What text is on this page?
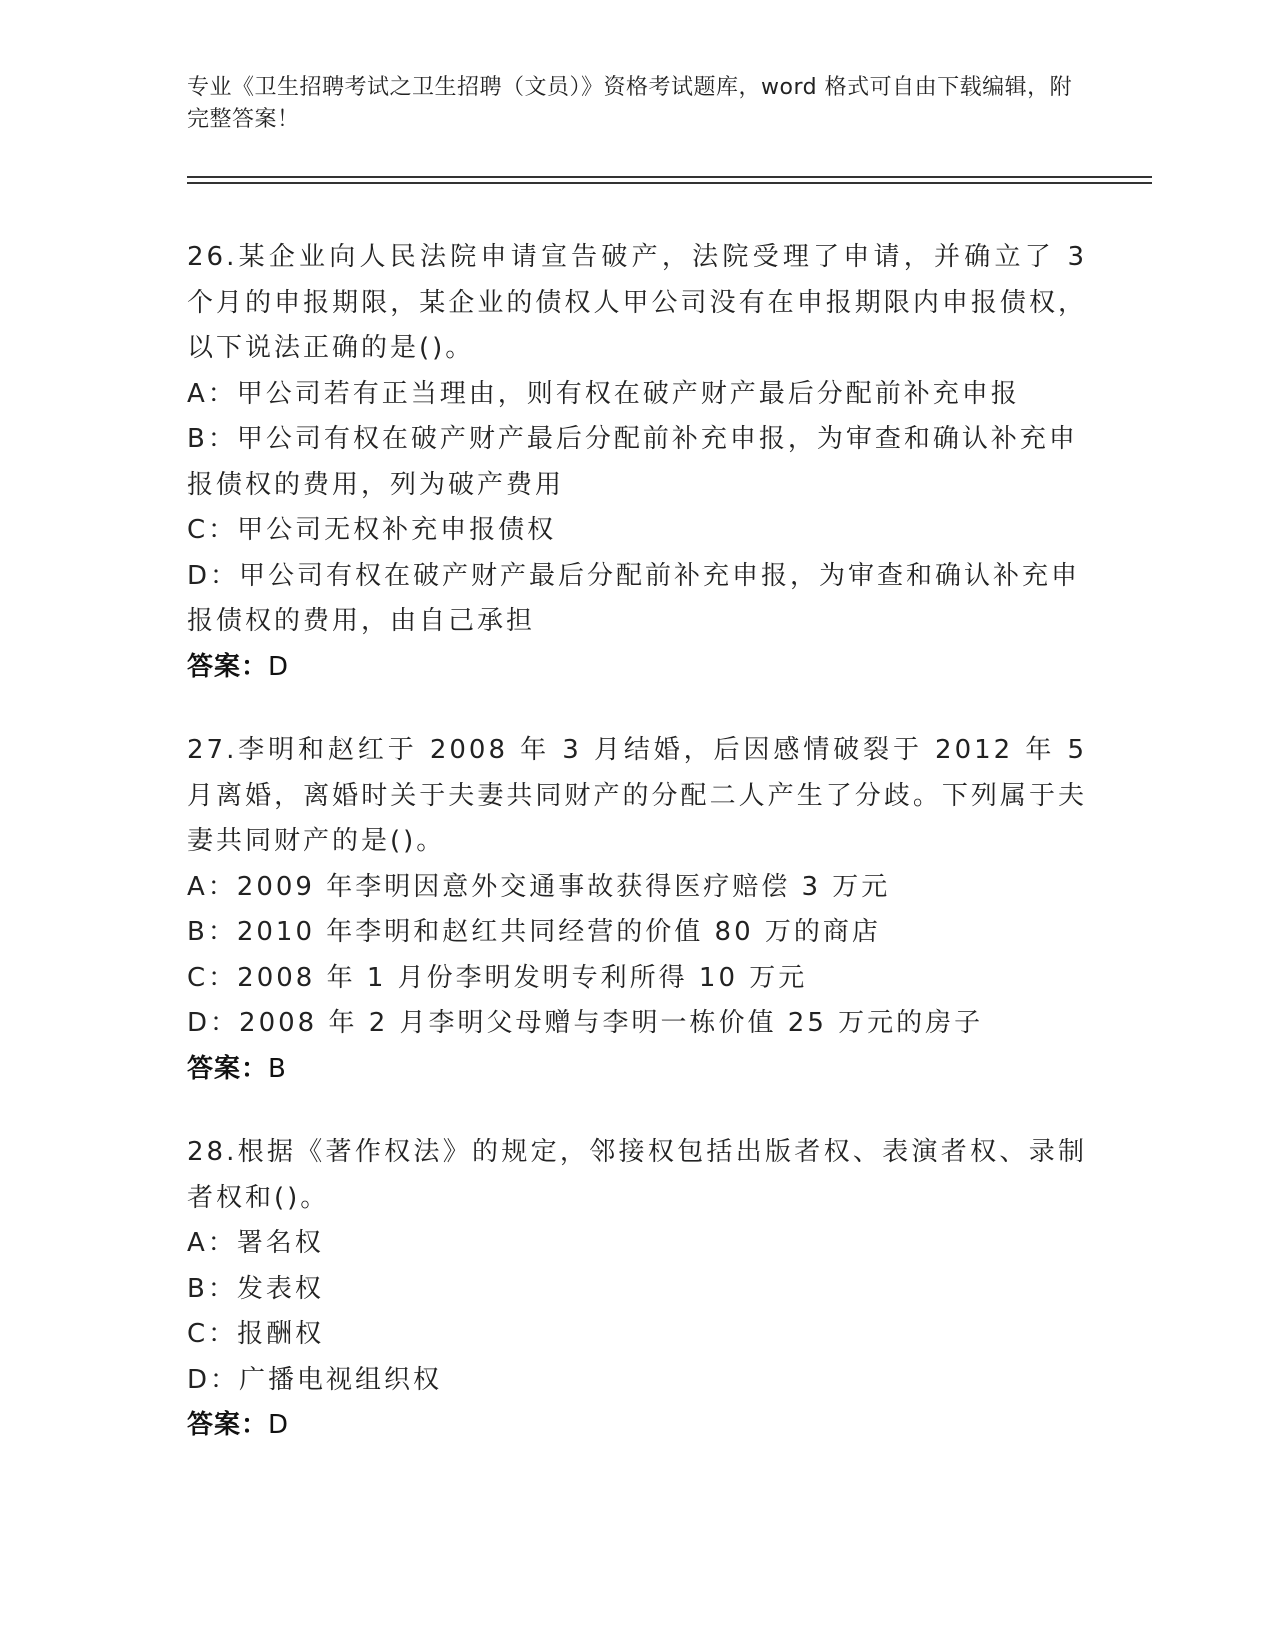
专业《卫生招聘考试之卫生招聘（文员）》资格考试题库，word 格式可自由下载编辑，附完整答案！
26.某企业向人民法院申请宣告破产，法院受理了申请，并确立了 3 个月的申报期限，某企业的债权人甲公司没有在申报期限内申报债权，以下说法正确的是()。
A：甲公司若有正当理由，则有权在破产财产最后分配前补充申报
B：甲公司有权在破产财产最后分配前补充申报，为审查和确认补充申报债权的费用，列为破产费用
C：甲公司无权补充申报债权
D：甲公司有权在破产财产最后分配前补充申报，为审查和确认补充申报债权的费用，由自己承担
答案：D
27.李明和赵红于 2008 年 3 月结婚，后因感情破裂于 2012 年 5 月离婚，离婚时关于夫妻共同财产的分配二人产生了分歧。下列属于夫妻共同财产的是()。
A：2009 年李明因意外交通事故获得医疗赔偿 3 万元
B：2010 年李明和赵红共同经营的价值 80 万的商店
C：2008 年 1 月份李明发明专利所得 10 万元
D：2008 年 2 月李明父母赠与李明一栋价值 25 万元的房子
答案：B
28.根据《著作权法》的规定，邻接权包括出版者权、表演者权、录制者权和()。
A：署名权
B：发表权
C：报酬权
D：广播电视组织权
答案：D
